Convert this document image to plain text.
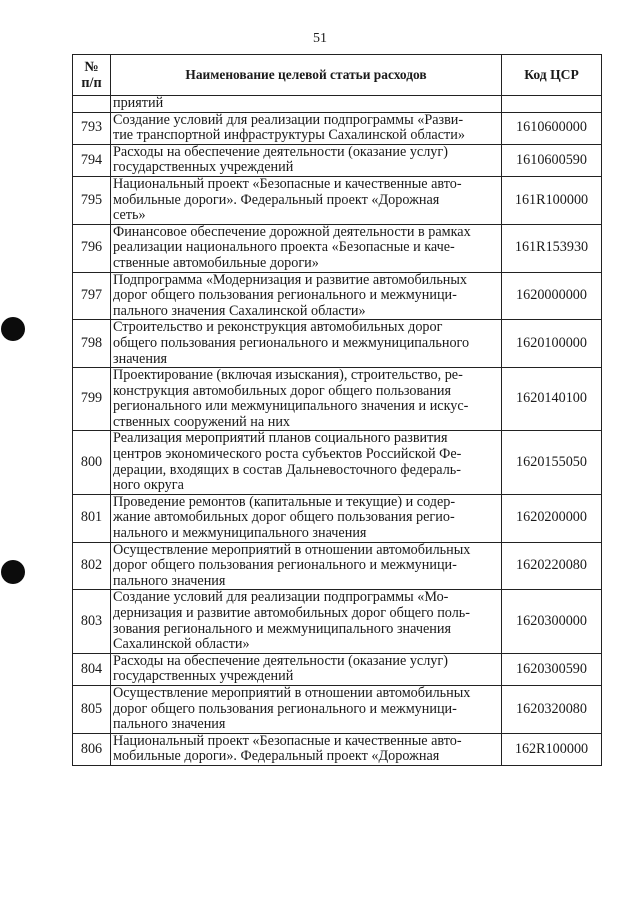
51
№
п/п	Наименование целевой статьи расходов	Код ЦСР

	приятий	

793	Создание условий для реализации подпрограммы «Разви-
тие транспортной инфраструктуры Сахалинской области»	1610600000
794	Расходы на обеспечение деятельности (оказание услуг)
государственных учреждений	1610600590
795	Национальный проект «Безопасные и качественные авто-
мобильные дороги». Федеральный проект «Дорожная
сеть»	161R100000
796	Финансовое обеспечение дорожной деятельности в рамках
реализации национального проекта «Безопасные и каче-
ственные автомобильные дороги»	161R153930
797	Подпрограмма «Модернизация и развитие автомобильных
дорог общего пользования регионального и межмуници-
пального значения Сахалинской области»	1620000000
798	Строительство и реконструкция автомобильных дорог
общего пользования регионального и межмуниципального
значения	1620100000
799	Проектирование (включая изыскания), строительство, ре-
конструкция автомобильных дорог общего пользования
регионального или межмуниципального значения и искус-
ственных сооружений на них	1620140100
800	Реализация мероприятий планов социального развития
центров экономического роста субъектов Российской Фе-
дерации, входящих в состав Дальневосточного федераль-
ного округа	1620155050
801	Проведение ремонтов (капитальные и текущие) и содер-
жание автомобильных дорог общего пользования регио-
нального и межмуниципального значения	1620200000
802	Осуществление мероприятий в отношении автомобильных
дорог общего пользования регионального и межмуници-
пального значения	1620220080
803	Создание условий для реализации подпрограммы «Мо-
дернизация и развитие автомобильных дорог общего поль-
зования регионального и межмуниципального значения
Сахалинской области»	1620300000
804	Расходы на обеспечение деятельности (оказание услуг)
государственных учреждений	1620300590
805	Осуществление мероприятий в отношении автомобильных
дорог общего пользования регионального и межмуници-
пального значения	1620320080
806	Национальный проект «Безопасные и качественные авто-
мобильные дороги». Федеральный проект «Дорожная	162R100000
